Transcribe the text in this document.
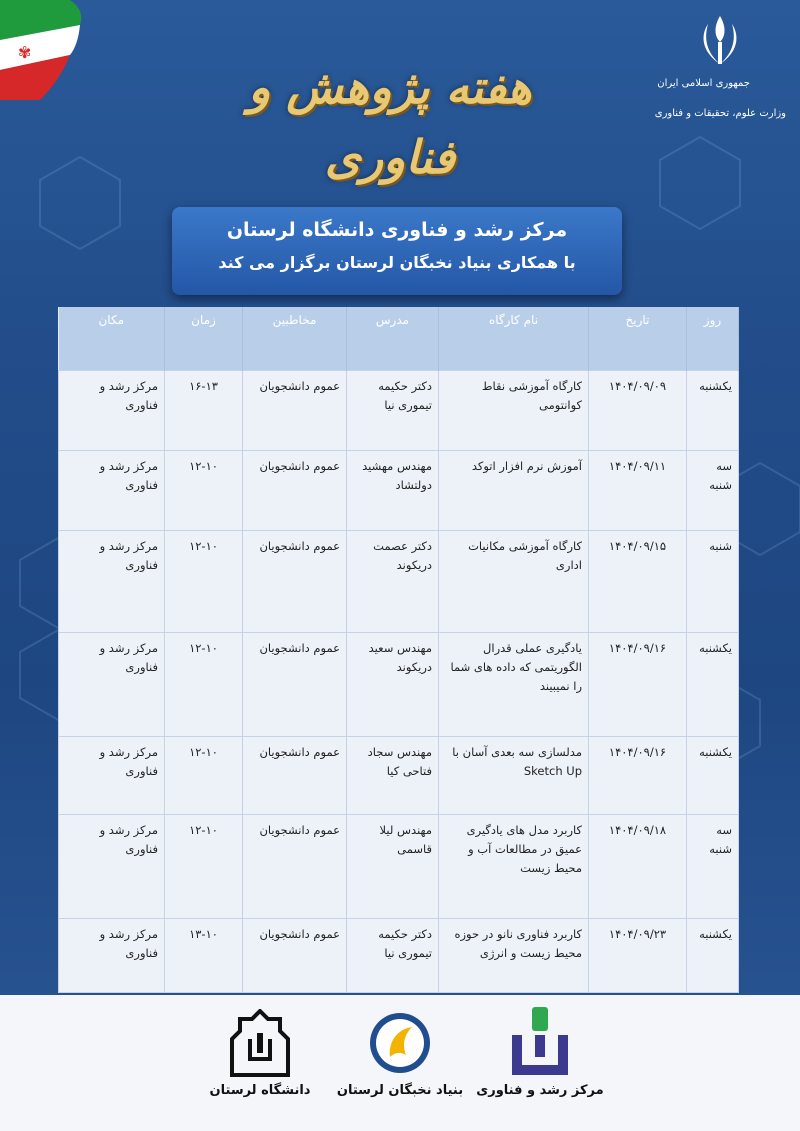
✾
هفته پژوهش و فناوری
جمهوری اسلامی ایران
وزارت علوم، تحقیقات و فناوری
مرکز رشد و فناوری دانشگاه لرستان
با همکاری بنیاد نخبگان لرستان برگزار می کند
روز	تاریخ	نام کارگاه	مدرس	مخاطبین	زمان	مکان
یکشنبه	۱۴۰۴/۰۹/۰۹	کارگاه آموزشی نقاط کوانتومی	دکتر حکیمه تیموری نیا	عموم دانشجویان	۱۶-۱۳	مرکز رشد و فناوری
سه شنبه	۱۴۰۴/۰۹/۱۱	آموزش نرم افزار اتوکد	مهندس مهشید دولتشاد	عموم دانشجویان	۱۲-۱۰	مرکز رشد و فناوری
شنبه	۱۴۰۴/۰۹/۱۵	کارگاه آموزشی مکانیات اداری	دکتر عصمت دریکوند	عموم دانشجویان	۱۲-۱۰	مرکز رشد و فناوری
یکشنبه	۱۴۰۴/۰۹/۱۶	یادگیری عملی قدرال الگوریتمی که داده های شما را نمیبیند	مهندس سعید دریکوند	عموم دانشجویان	۱۲-۱۰	مرکز رشد و فناوری
یکشنبه	۱۴۰۴/۰۹/۱۶	مدلسازی سه بعدی آسان با Sketch Up	مهندس سجاد فتاحی کیا	عموم دانشجویان	۱۲-۱۰	مرکز رشد و فناوری
سه شنبه	۱۴۰۴/۰۹/۱۸	کاربرد مدل های یادگیری عمیق در مطالعات آب و محیط زیست	مهندس لیلا قاسمی	عموم دانشجویان	۱۲-۱۰	مرکز رشد و فناوری
یکشنبه	۱۴۰۴/۰۹/۲۳	کاربرد فناوری نانو در حوزه محیط زیست و انرژی	دکتر حکیمه تیموری نیا	عموم دانشجویان	۱۳-۱۰	مرکز رشد و فناوری
مرکز رشد و فناوری
بنیاد نخبگان لرستان
دانشگاه لرستان
